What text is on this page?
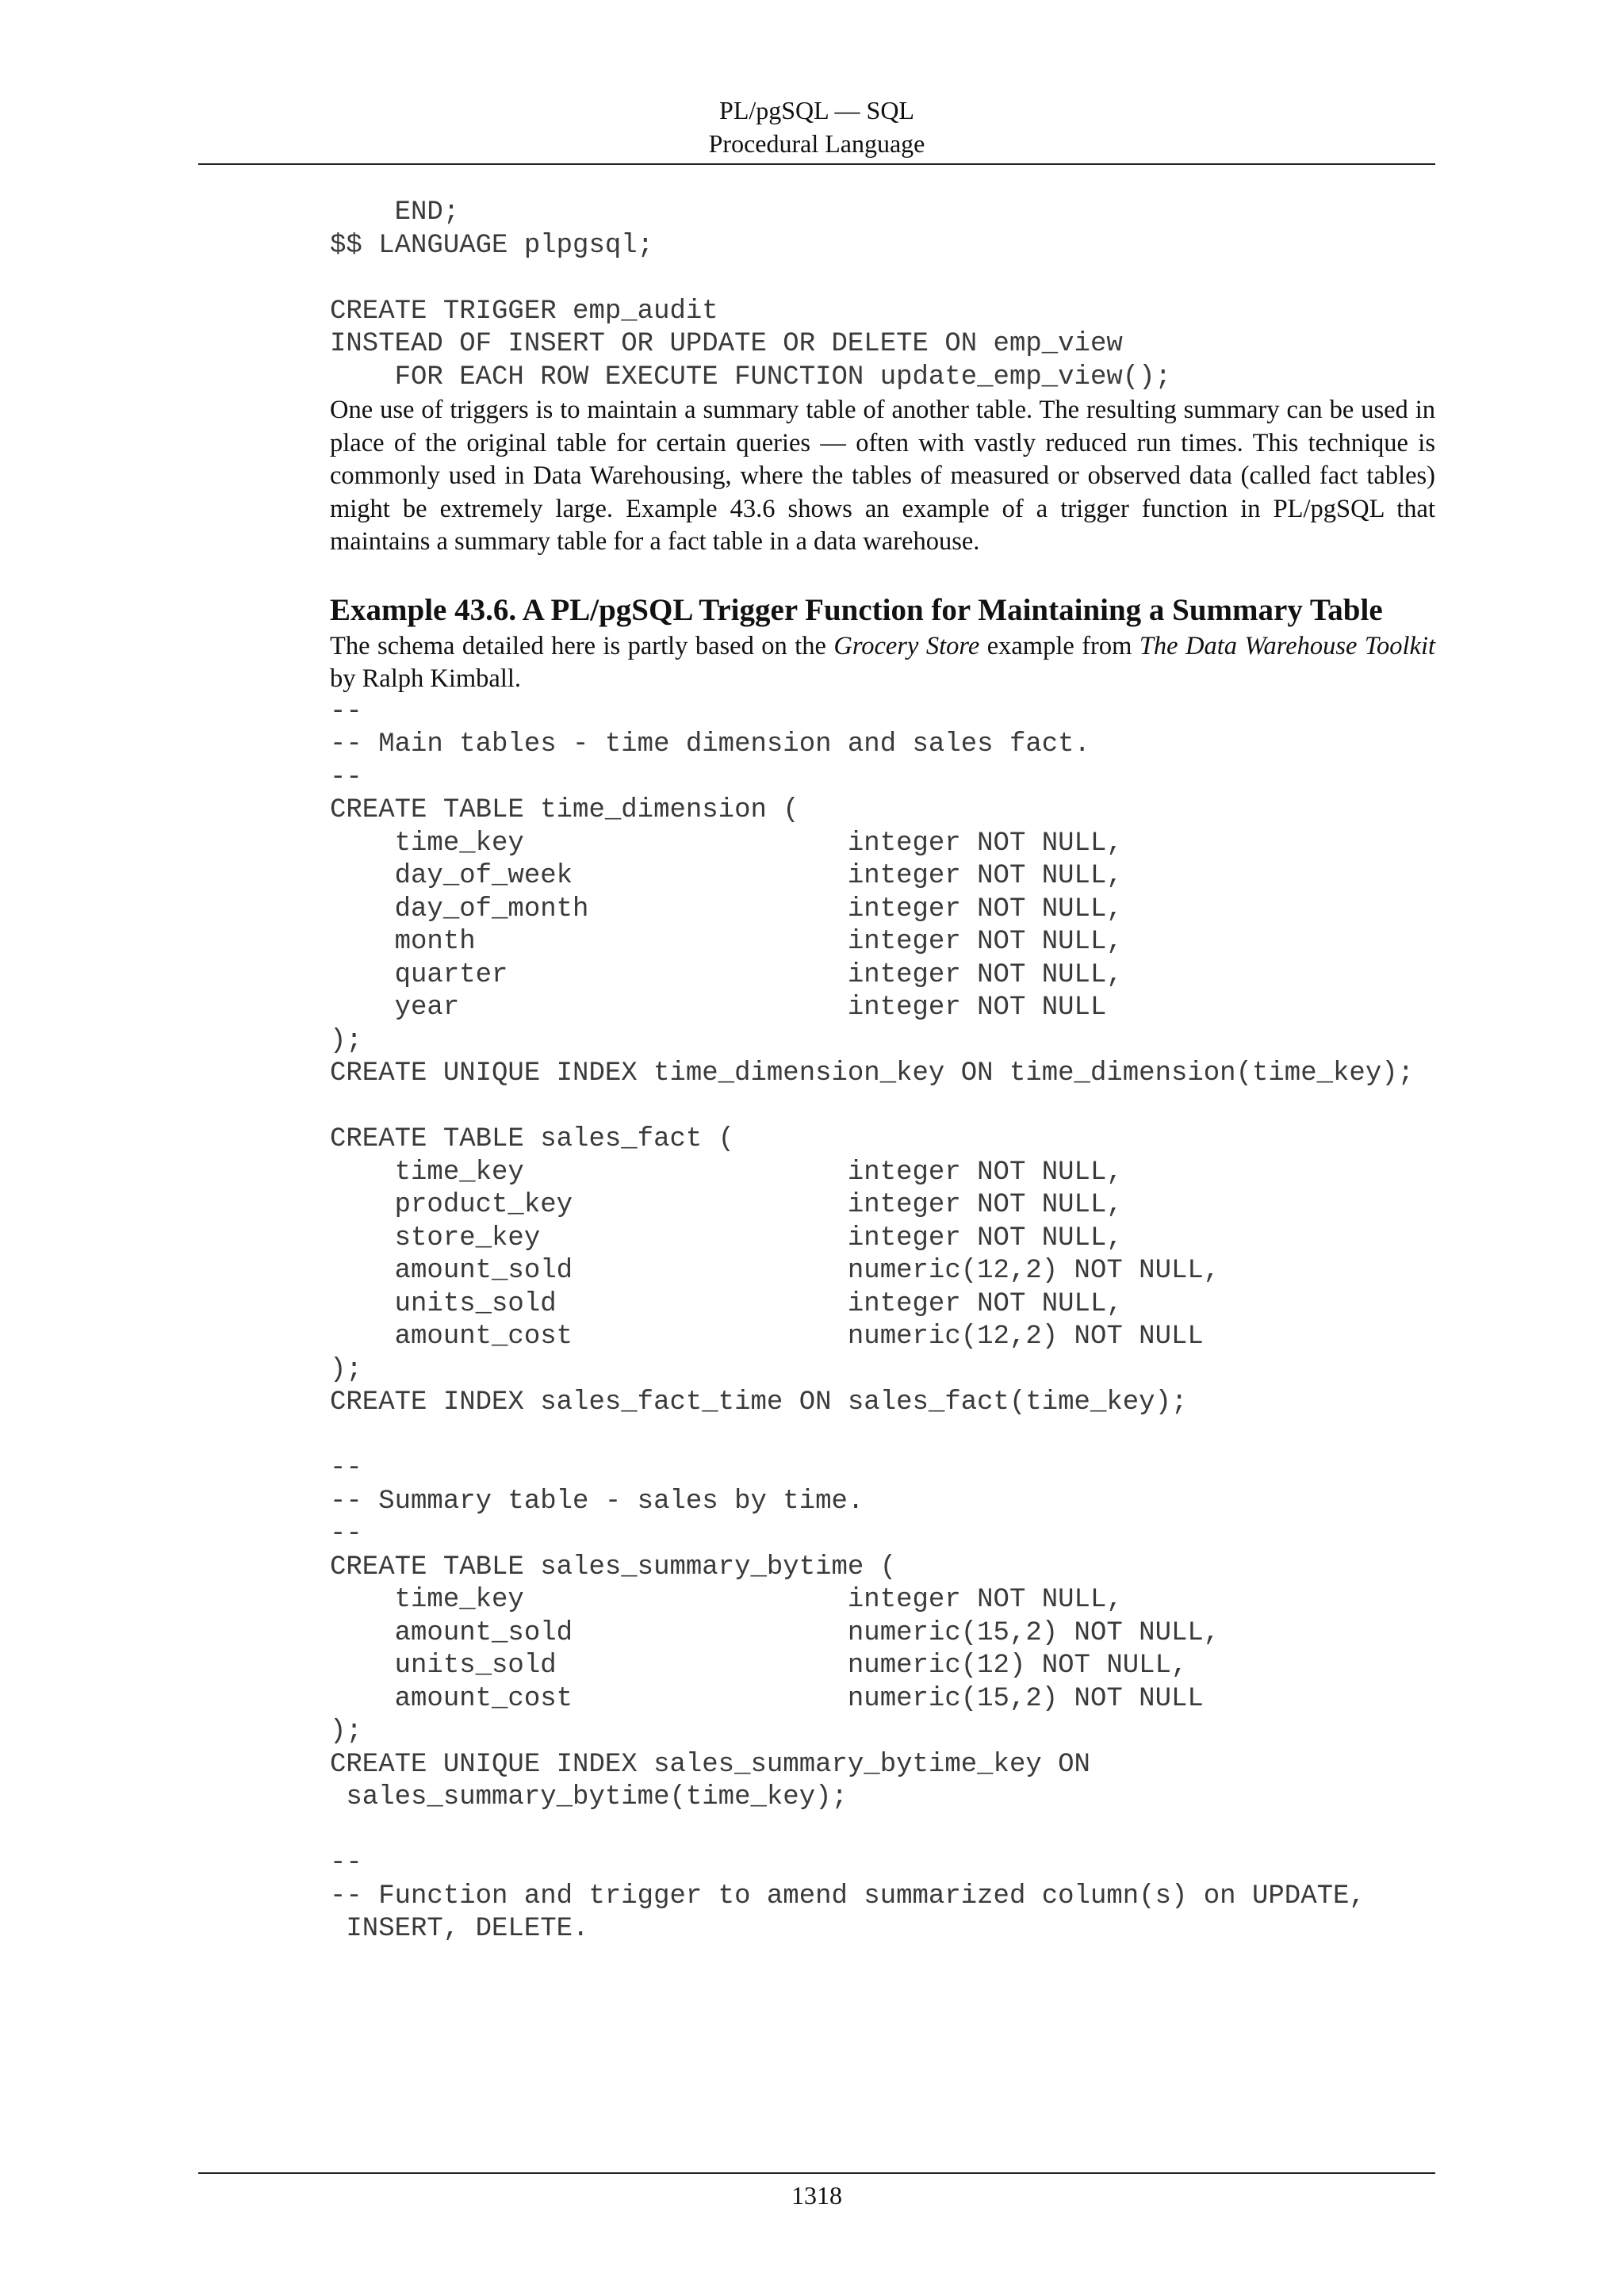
PL/pgSQL — SQL
Procedural Language
END;
$$ LANGUAGE plpgsql;
CREATE TRIGGER emp_audit
INSTEAD OF INSERT OR UPDATE OR DELETE ON emp_view
FOR EACH ROW EXECUTE FUNCTION update_emp_view();

One use of triggers is to maintain a summary table of another table. The resulting summary can be used in place of the original table for certain queries — often with vastly reduced run times. This technique is commonly used in Data Warehousing, where the tables of measured or observed data (called fact tables) might be extremely large. Example 43.6 shows an example of a trigger function in PL/pgSQL that maintains a summary table for a fact table in a data warehouse.

Example 43.6. A PL/pgSQL Trigger Function for Maintaining a Summary Table

The schema detailed here is partly based on the Grocery Store example from The Data Warehouse Toolkit by Ralph Kimball.

--
-- Main tables - time dimension and sales fact.
--
CREATE TABLE time_dimension (
time_key                    integer NOT NULL,
day_of_week                 integer NOT NULL,
day_of_month                integer NOT NULL,
month                       integer NOT NULL,
quarter                     integer NOT NULL,
year                        integer NOT NULL
);
CREATE UNIQUE INDEX time_dimension_key ON time_dimension(time_key);
CREATE TABLE sales_fact (
time_key                    integer NOT NULL,
product_key                 integer NOT NULL,
store_key                   integer NOT NULL,
amount_sold                 numeric(12,2) NOT NULL,
units_sold                  integer NOT NULL,
amount_cost                 numeric(12,2) NOT NULL
);
CREATE INDEX sales_fact_time ON sales_fact(time_key);
--
-- Summary table - sales by time.
--
CREATE TABLE sales_summary_bytime (
time_key                    integer NOT NULL,
amount_sold                 numeric(15,2) NOT NULL,
units_sold                  numeric(12) NOT NULL,
amount_cost                 numeric(15,2) NOT NULL
);
CREATE UNIQUE INDEX sales_summary_bytime_key ON
sales_summary_bytime(time_key);
--
-- Function and trigger to amend summarized column(s) on UPDATE,
INSERT, DELETE.
1318
